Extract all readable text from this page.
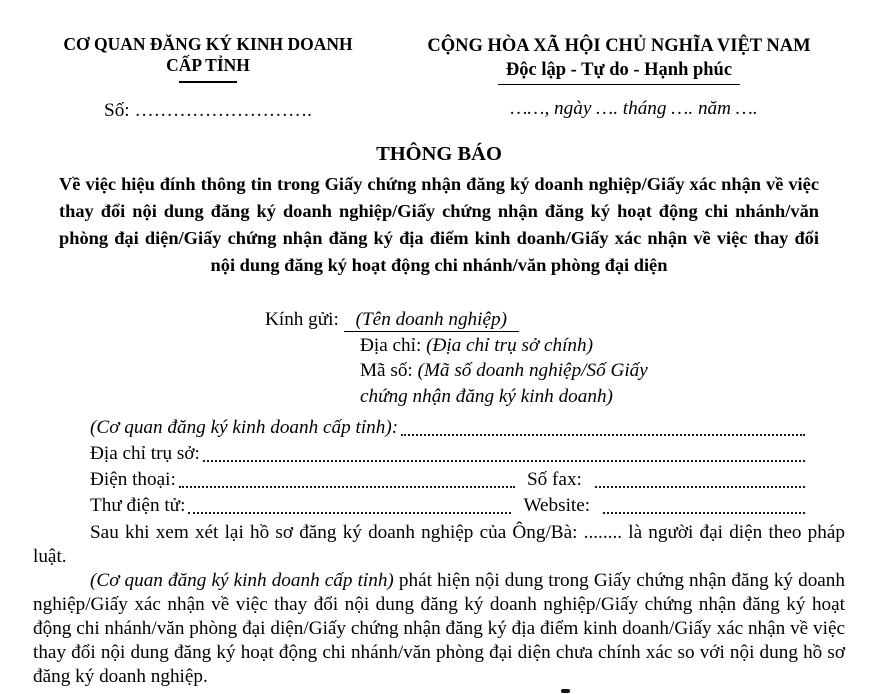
CƠ QUAN ĐĂNG KÝ KINH DOANH
CẤP TỈNH
Số: ……………………….
CỘNG HÒA XÃ HỘI CHỦ NGHĨA VIỆT NAM
Độc lập - Tự do - Hạnh phúc
……, ngày …. tháng …. năm ….
THÔNG BÁO
Về việc hiệu đính thông tin trong Giấy chứng nhận đăng ký doanh nghiệp/Giấy xác nhận về việc thay đổi nội dung đăng ký doanh nghiệp/Giấy chứng nhận đăng ký hoạt động chi nhánh/văn phòng đại diện/Giấy chứng nhận đăng ký địa điểm kinh doanh/Giấy xác nhận về việc thay đổi nội dung đăng ký hoạt động chi nhánh/văn phòng đại diện
Kính gửi: (Tên doanh nghiệp)
Địa chỉ: (Địa chỉ trụ sở chính)
Mã số: (Mã số doanh nghiệp/Số Giấy chứng nhận đăng ký kinh doanh)
(Cơ quan đăng ký kinh doanh cấp tỉnh):
Địa chỉ trụ sở:
Điện thoại:	Số fax:
Thư điện tử:	Website:

Sau khi xem xét lại hồ sơ đăng ký doanh nghiệp của Ông/Bà: ........ là người đại diện theo pháp luật.

(Cơ quan đăng ký kinh doanh cấp tỉnh) phát hiện nội dung trong Giấy chứng nhận đăng ký doanh nghiệp/Giấy xác nhận về việc thay đổi nội dung đăng ký doanh nghiệp/Giấy chứng nhận đăng ký hoạt động chi nhánh/văn phòng đại diện/Giấy chứng nhận đăng ký địa điểm kinh doanh/Giấy xác nhận về việc thay đổi nội dung đăng ký hoạt động chi nhánh/văn phòng đại diện chưa chính xác so với nội dung hồ sơ đăng ký doanh nghiệp.
